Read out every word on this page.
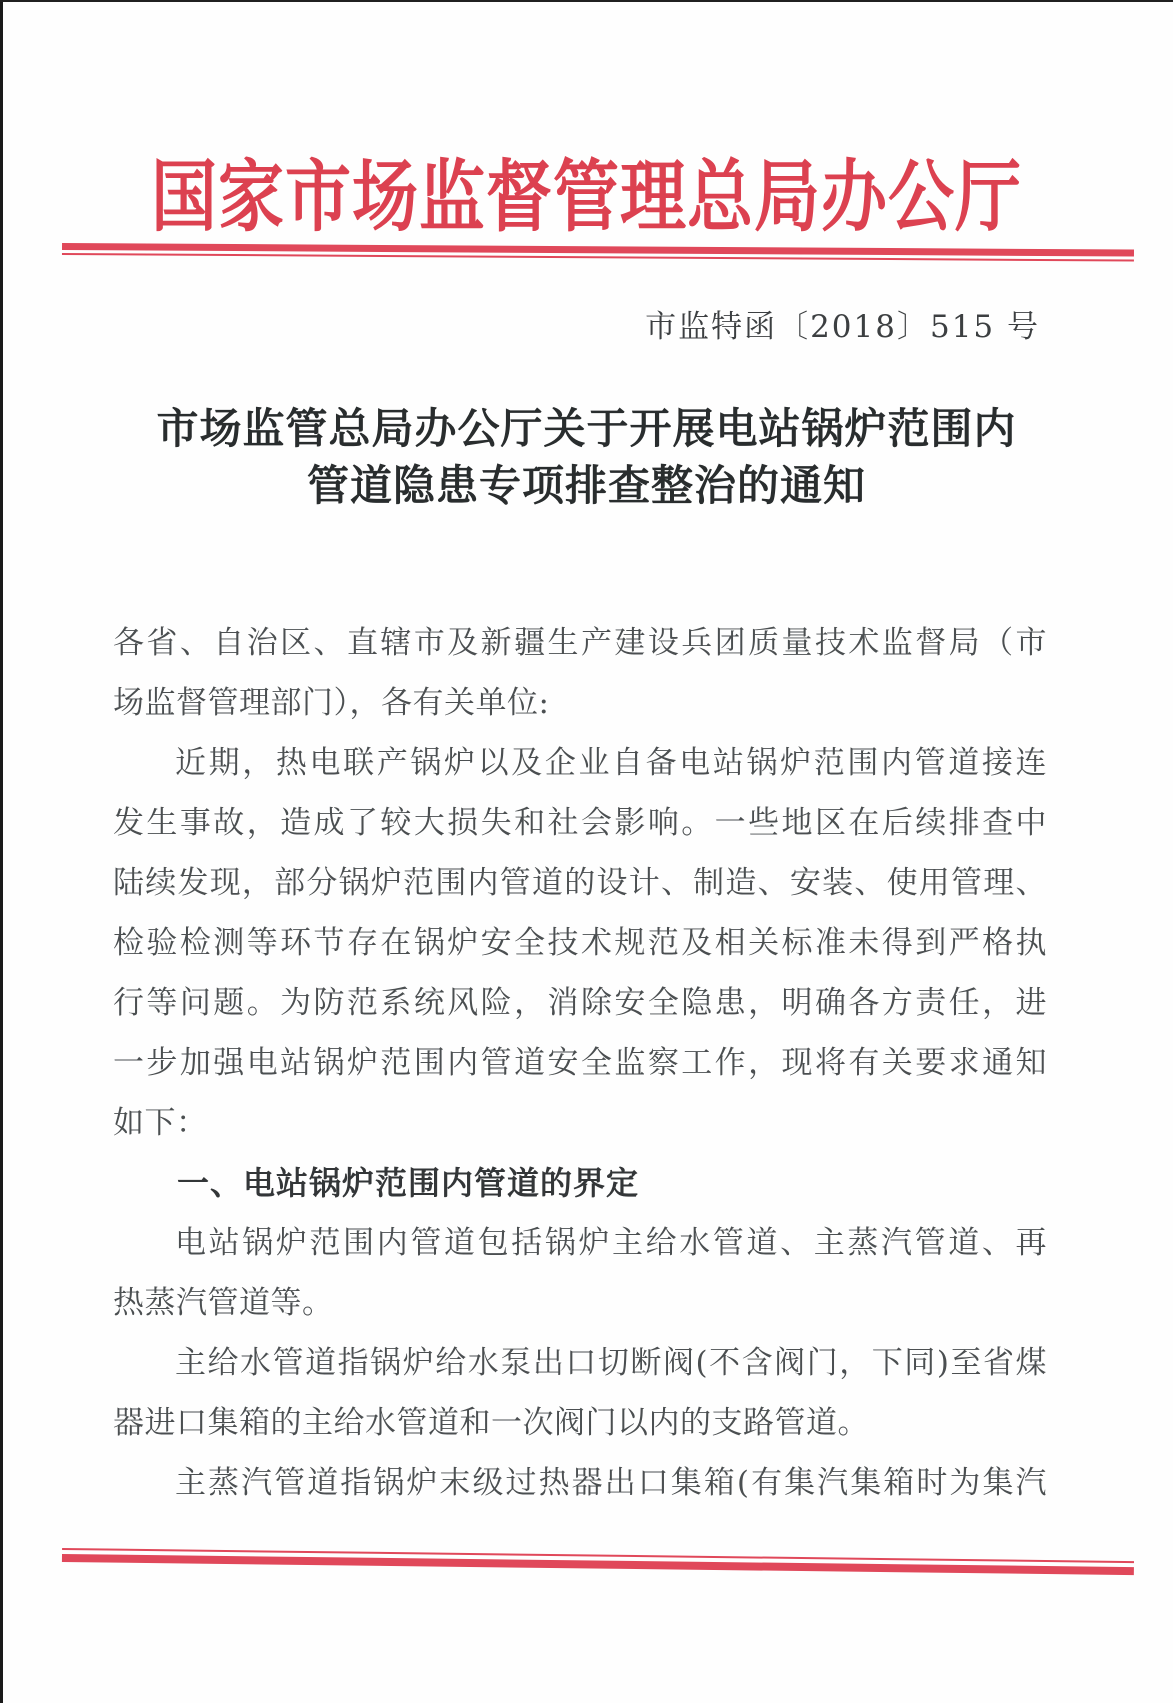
国家市场监督管理总局办公厅
市监特函〔2018〕515 号
市场监管总局办公厅关于开展电站锅炉范围内
管道隐患专项排查整治的通知
各省、自治区、直辖市及新疆生产建设兵团质量技术监督局（市
场监督管理部门），各有关单位:
近期，热电联产锅炉以及企业自备电站锅炉范围内管道接连
发生事故，造成了较大损失和社会影响。一些地区在后续排查中
陆续发现，部分锅炉范围内管道的设计、制造、安装、使用管理、
检验检测等环节存在锅炉安全技术规范及相关标准未得到严格执
行等问题。为防范系统风险，消除安全隐患，明确各方责任，进
一步加强电站锅炉范围内管道安全监察工作，现将有关要求通知
如下：
一、电站锅炉范围内管道的界定
电站锅炉范围内管道包括锅炉主给水管道、主蒸汽管道、再
热蒸汽管道等。
主给水管道指锅炉给水泵出口切断阀(不含阀门，下同)至省煤
器进口集箱的主给水管道和一次阀门以内的支路管道。
主蒸汽管道指锅炉末级过热器出口集箱(有集汽集箱时为集汽
